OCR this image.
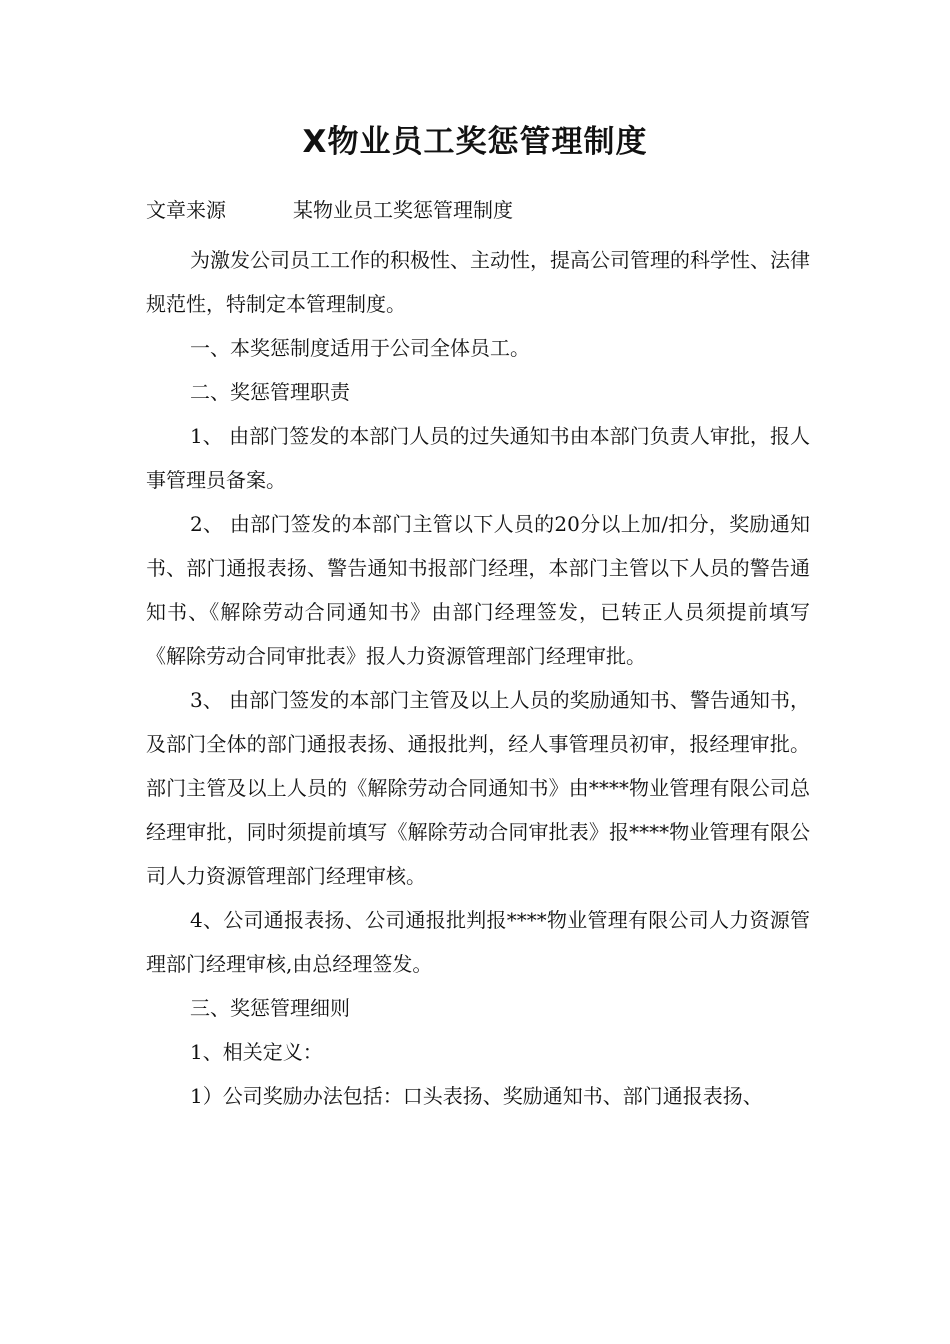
X物业员工奖惩管理制度
文章来源	某物业员工奖惩管理制度

为激发公司员工工作的积极性、主动性，提高公司管理的科学性、法律规范性，特制定本管理制度。

一、本奖惩制度适用于公司全体员工。

二、奖惩管理职责

1、 由部门签发的本部门人员的过失通知书由本部门负责人审批，报人事管理员备案。

2、 由部门签发的本部门主管以下人员的20分以上加/扣分，奖励通知书、部门通报表扬、警告通知书报部门经理，本部门主管以下人员的警告通知书、《解除劳动合同通知书》由部门经理签发，已转正人员须提前填写《解除劳动合同审批表》报人力资源管理部门经理审批。

3、 由部门签发的本部门主管及以上人员的奖励通知书、警告通知书，及部门全体的部门通报表扬、通报批判，经人事管理员初审，报经理审批。部门主管及以上人员的《解除劳动合同通知书》由****物业管理有限公司总经理审批，同时须提前填写《解除劳动合同审批表》报****物业管理有限公司人力资源管理部门经理审核。

4、公司通报表扬、公司通报批判报****物业管理有限公司人力资源管理部门经理审核,由总经理签发。

三、奖惩管理细则

1、相关定义：

1）公司奖励办法包括：口头表扬、奖励通知书、部门通报表扬、
